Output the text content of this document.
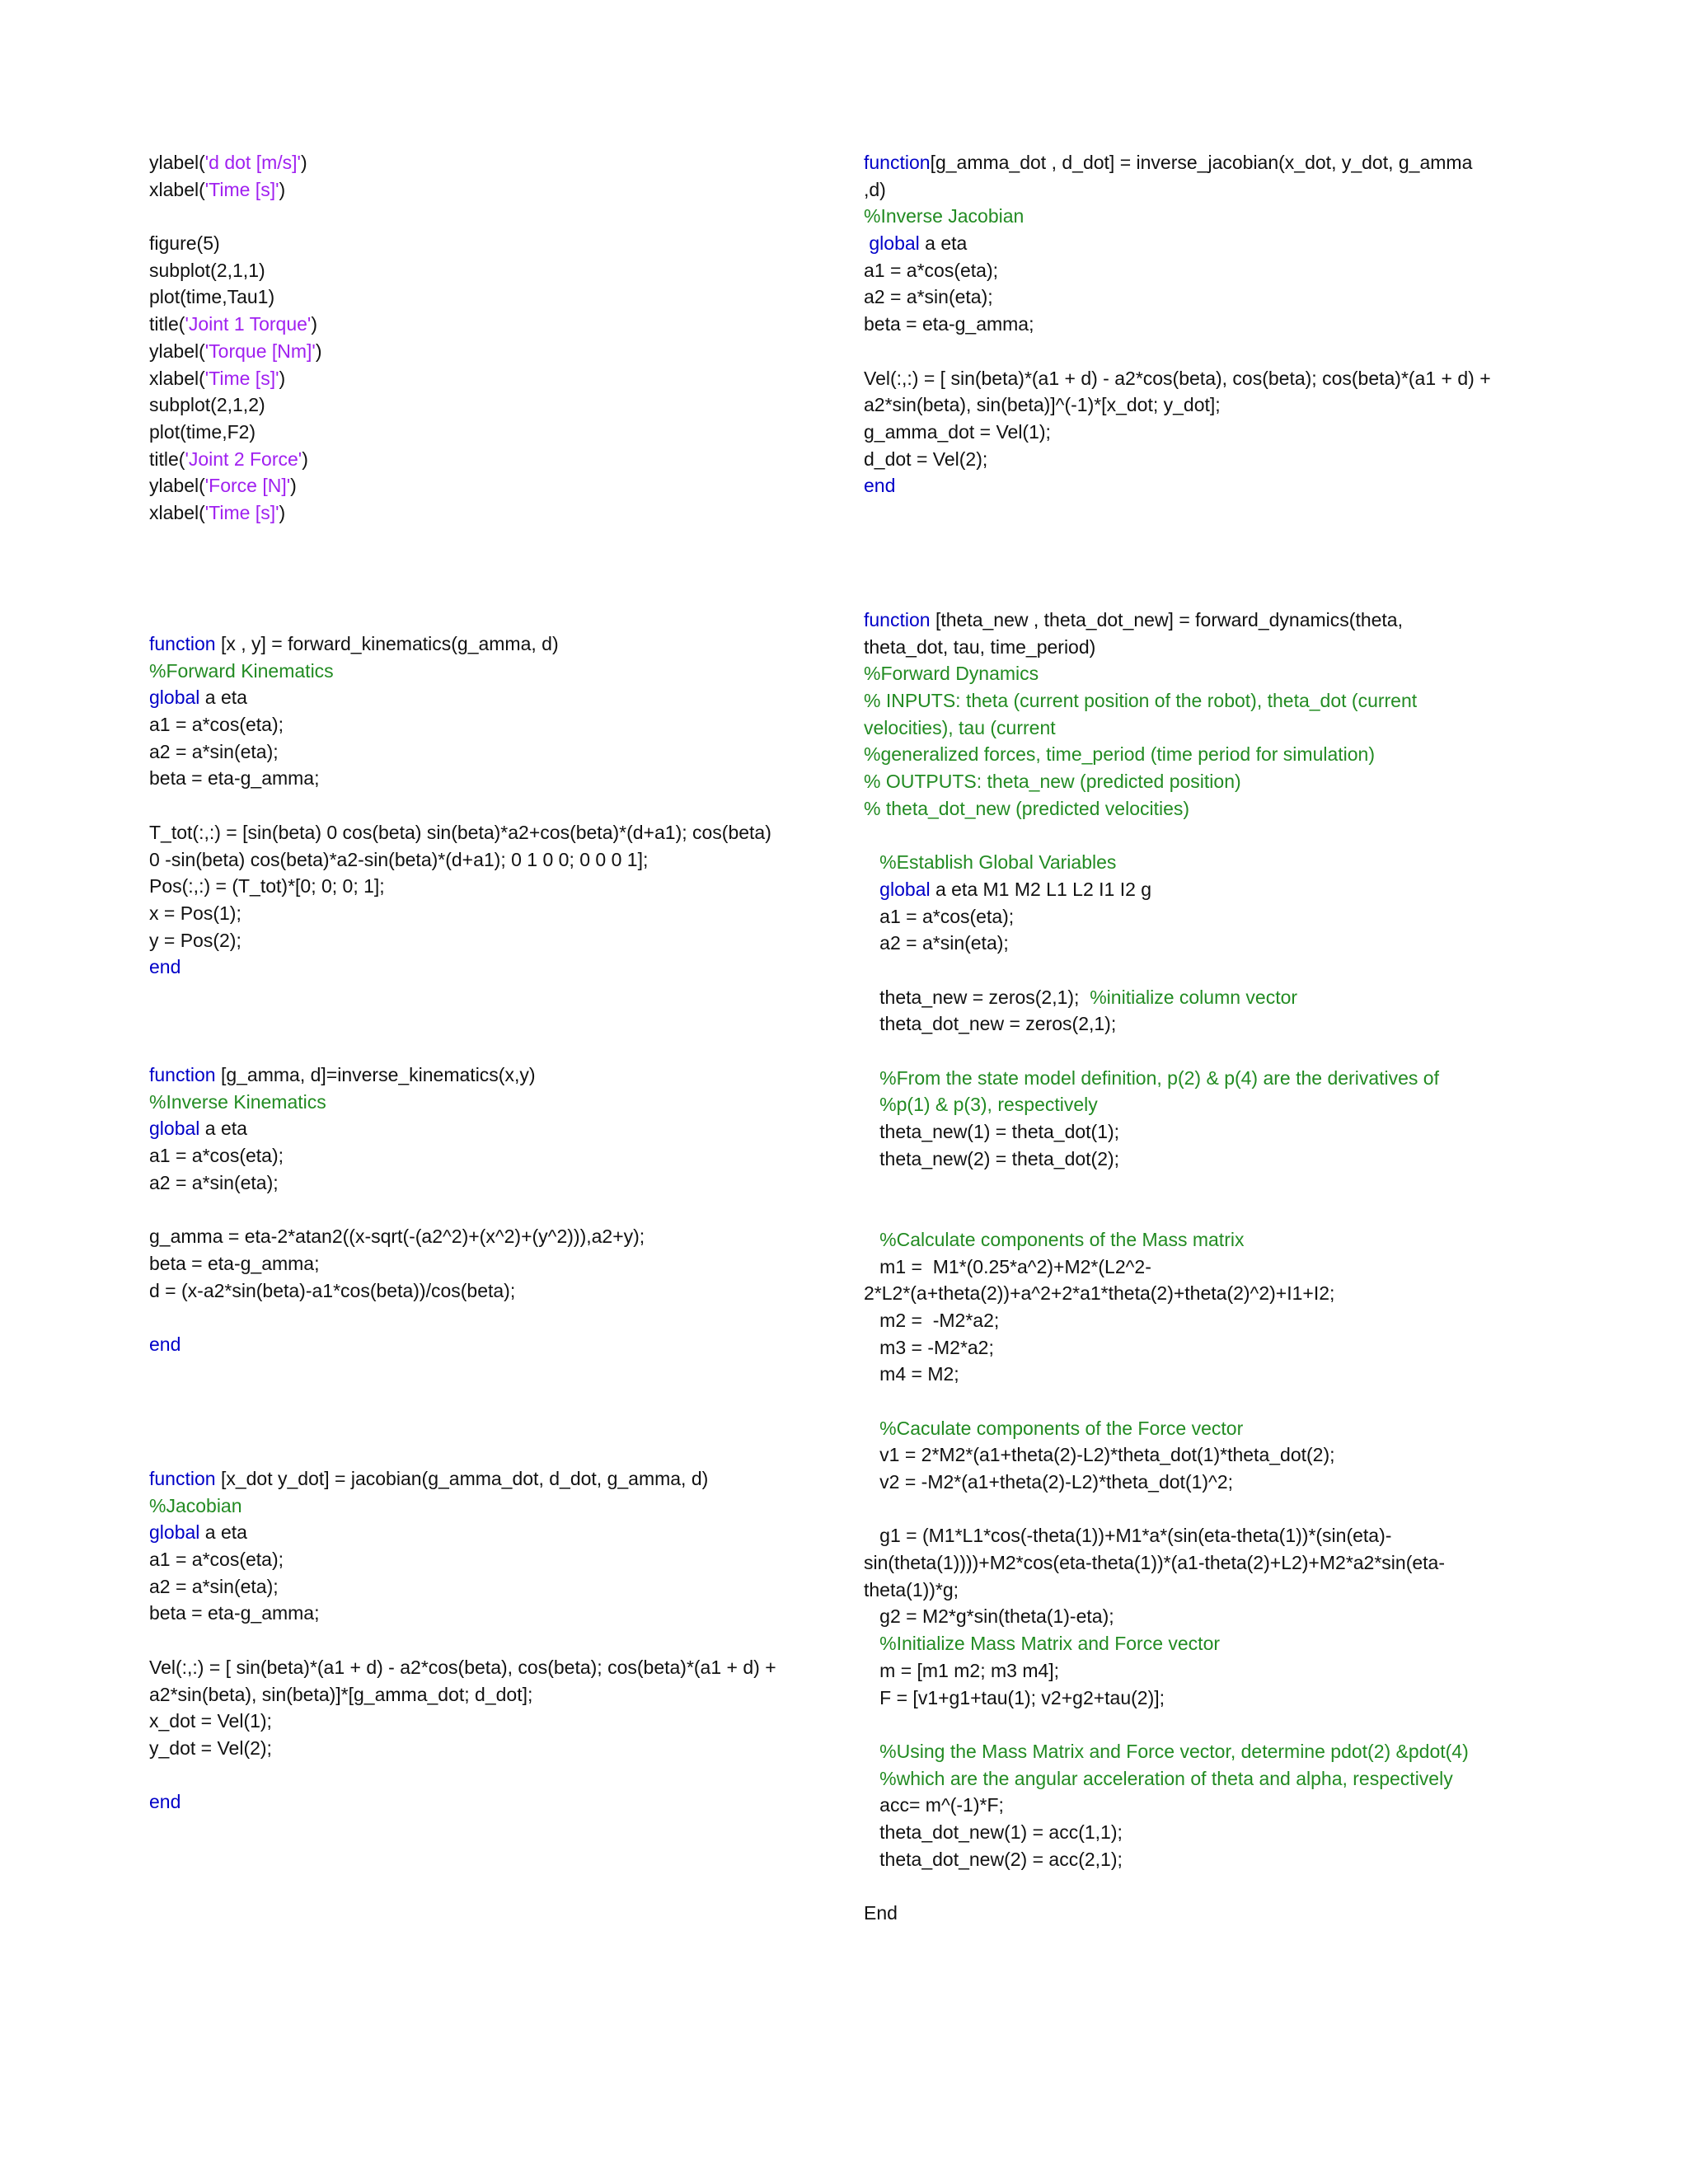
ylabel('d dot [m/s]')
xlabel('Time [s]')
figure(5)
subplot(2,1,1)
plot(time,Tau1)
title('Joint 1 Torque')
ylabel('Torque [Nm]')
xlabel('Time [s]')
subplot(2,1,2)
plot(time,F2)
title('Joint 2 Force')
ylabel('Force [N]')
xlabel('Time [s]')
function [x , y] = forward_kinematics(g_amma, d)
%Forward Kinematics
global a eta
a1 = a*cos(eta);
a2 = a*sin(eta);
beta = eta-g_amma;
T_tot(:,:) = [sin(beta) 0 cos(beta) sin(beta)*a2+cos(beta)*(d+a1); cos(beta)
0 -sin(beta) cos(beta)*a2-sin(beta)*(d+a1); 0 1 0 0; 0 0 0 1];
Pos(:,:) = (T_tot)*[0; 0; 0; 1];
x = Pos(1);
y = Pos(2);
end
function [g_amma, d]=inverse_kinematics(x,y)
%Inverse Kinematics
global a eta
a1 = a*cos(eta);
a2 = a*sin(eta);
g_amma = eta-2*atan2((x-sqrt(-(a2^2)+(x^2)+(y^2))),a2+y);
beta = eta-g_amma;
d = (x-a2*sin(beta)-a1*cos(beta))/cos(beta);
end
function [x_dot y_dot] = jacobian(g_amma_dot, d_dot, g_amma, d)
%Jacobian
global a eta
a1 = a*cos(eta);
a2 = a*sin(eta);
beta = eta-g_amma;
Vel(:,:) = [ sin(beta)*(a1 + d) - a2*cos(beta), cos(beta); cos(beta)*(a1 + d) +
a2*sin(beta), sin(beta)]*[g_amma_dot; d_dot];
x_dot = Vel(1);
y_dot = Vel(2);
end
function[g_amma_dot , d_dot] = inverse_jacobian(x_dot, y_dot, g_amma
,d)
%Inverse Jacobian
global a eta
a1 = a*cos(eta);
a2 = a*sin(eta);
beta = eta-g_amma;
Vel(:,:) = [ sin(beta)*(a1 + d) - a2*cos(beta), cos(beta); cos(beta)*(a1 + d) +
a2*sin(beta), sin(beta)]^(-1)*[x_dot; y_dot];
g_amma_dot = Vel(1);
d_dot = Vel(2);
end
function [theta_new , theta_dot_new] = forward_dynamics(theta,
theta_dot, tau, time_period)
%Forward Dynamics
% INPUTS: theta (current position of the robot), theta_dot (current
velocities), tau (current
%generalized forces, time_period (time period for simulation)
% OUTPUTS: theta_new (predicted position)
% theta_dot_new (predicted velocities)
%Establish Global Variables
global a eta M1 M2 L1 L2 I1 I2 g
a1 = a*cos(eta);
a2 = a*sin(eta);
theta_new = zeros(2,1);  %initialize column vector
theta_dot_new = zeros(2,1);
%From the state model definition, p(2) & p(4) are the derivatives of
%p(1) & p(3), respectively
theta_new(1) = theta_dot(1);
theta_new(2) = theta_dot(2);
%Calculate components of the Mass matrix
m1 =  M1*(0.25*a^2)+M2*(L2^2-
2*L2*(a+theta(2))+a^2+2*a1*theta(2)+theta(2)^2)+I1+I2;
m2 =  -M2*a2;
m3 = -M2*a2;
m4 = M2;
%Caculate components of the Force vector
v1 = 2*M2*(a1+theta(2)-L2)*theta_dot(1)*theta_dot(2);
v2 = -M2*(a1+theta(2)-L2)*theta_dot(1)^2;
g1 = (M1*L1*cos(-theta(1))+M1*a*(sin(eta-theta(1))*(sin(eta)-
sin(theta(1))))+M2*cos(eta-theta(1))*(a1-theta(2)+L2)+M2*a2*sin(eta-
theta(1))*g;
g2 = M2*g*sin(theta(1)-eta);
%Initialize Mass Matrix and Force vector
m = [m1 m2; m3 m4];
F = [v1+g1+tau(1); v2+g2+tau(2)];
%Using the Mass Matrix and Force vector, determine pdot(2) &pdot(4)
%which are the angular acceleration of theta and alpha, respectively
acc= m^(-1)*F;
theta_dot_new(1) = acc(1,1);
theta_dot_new(2) = acc(2,1);
End
